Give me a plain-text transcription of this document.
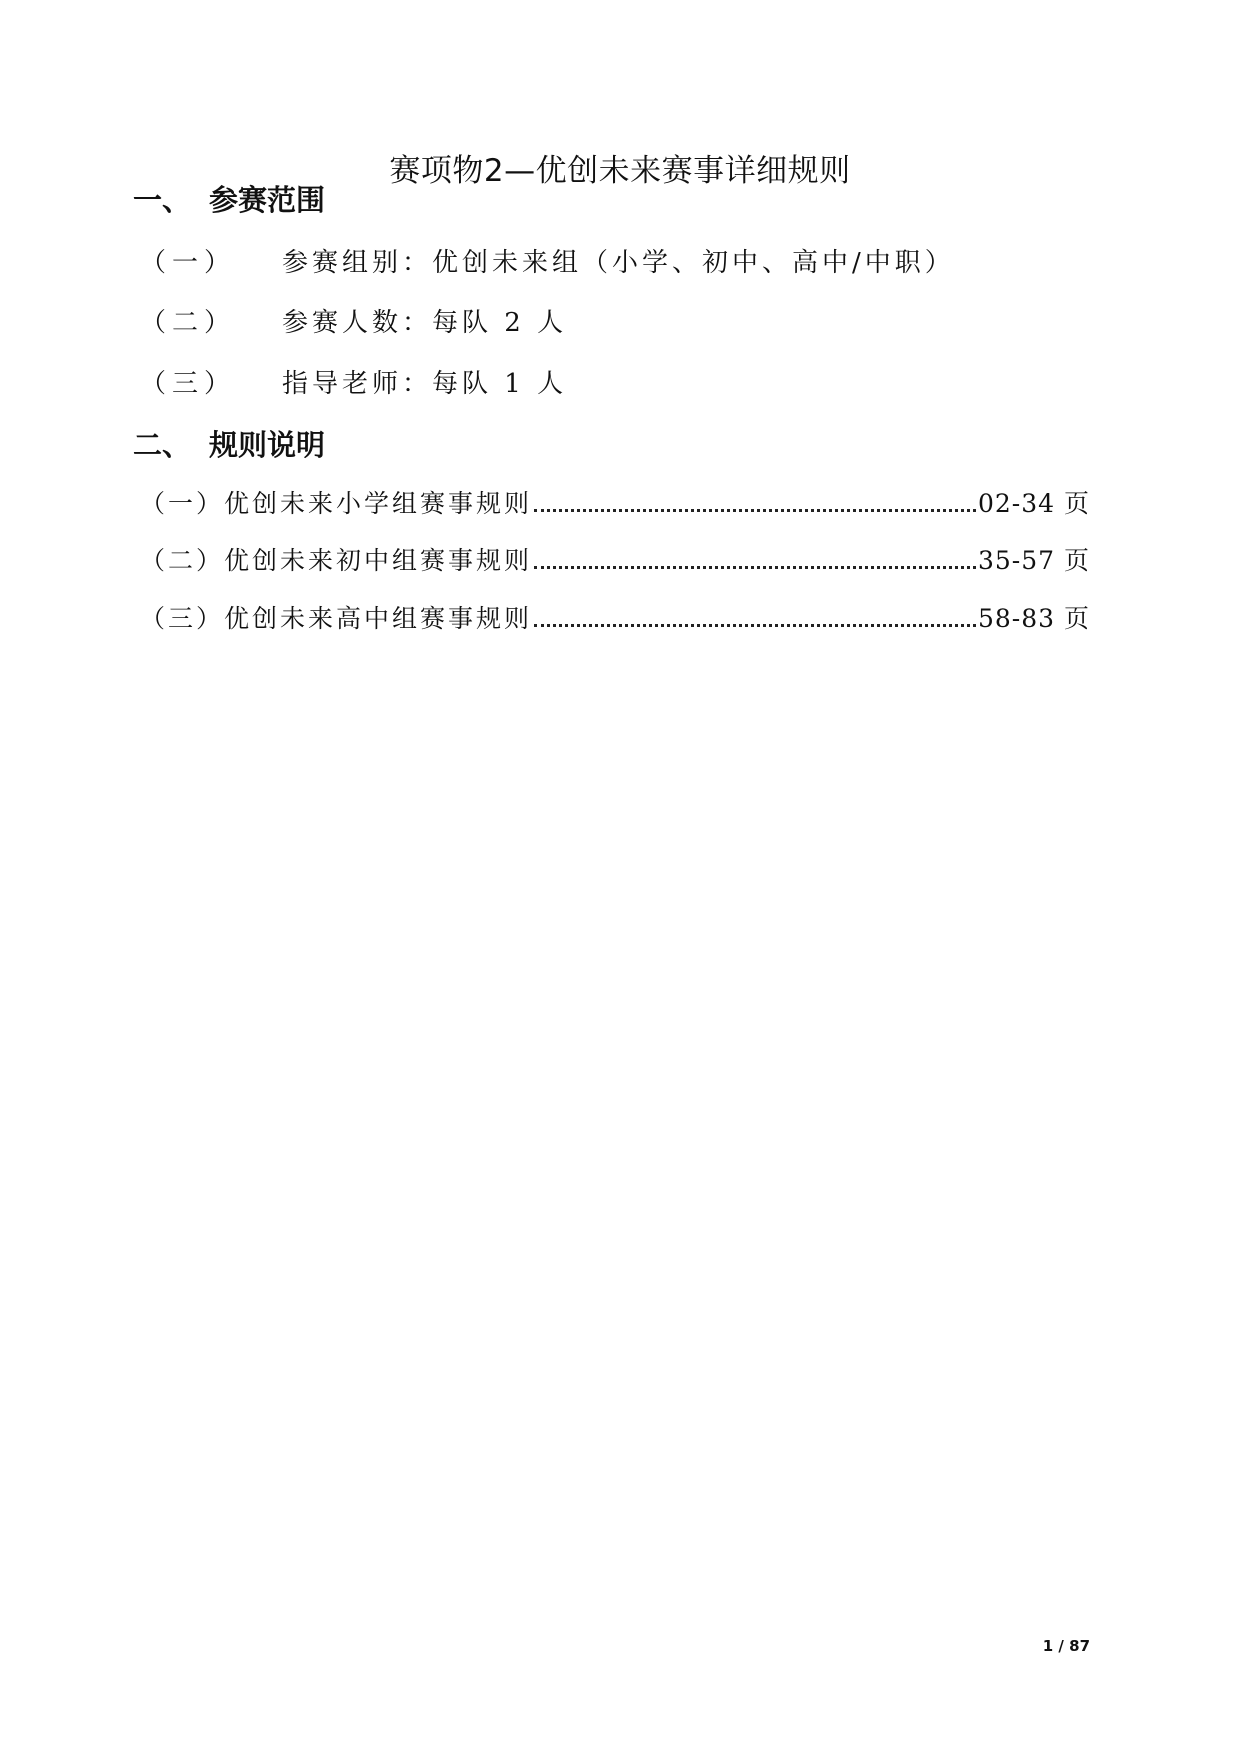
赛项物2—优创未来赛事详细规则
一、 参赛范围
（一） 参赛组别：优创未来组（小学、初中、高中/中职）
（二） 参赛人数：每队 2 人
（三） 指导老师：每队 1 人
二、 规则说明
（一） 优创未来小学组赛事规则	02-34 页
（二） 优创未来初中组赛事规则	35-57 页
（三） 优创未来高中组赛事规则	58-83 页
1 / 87
